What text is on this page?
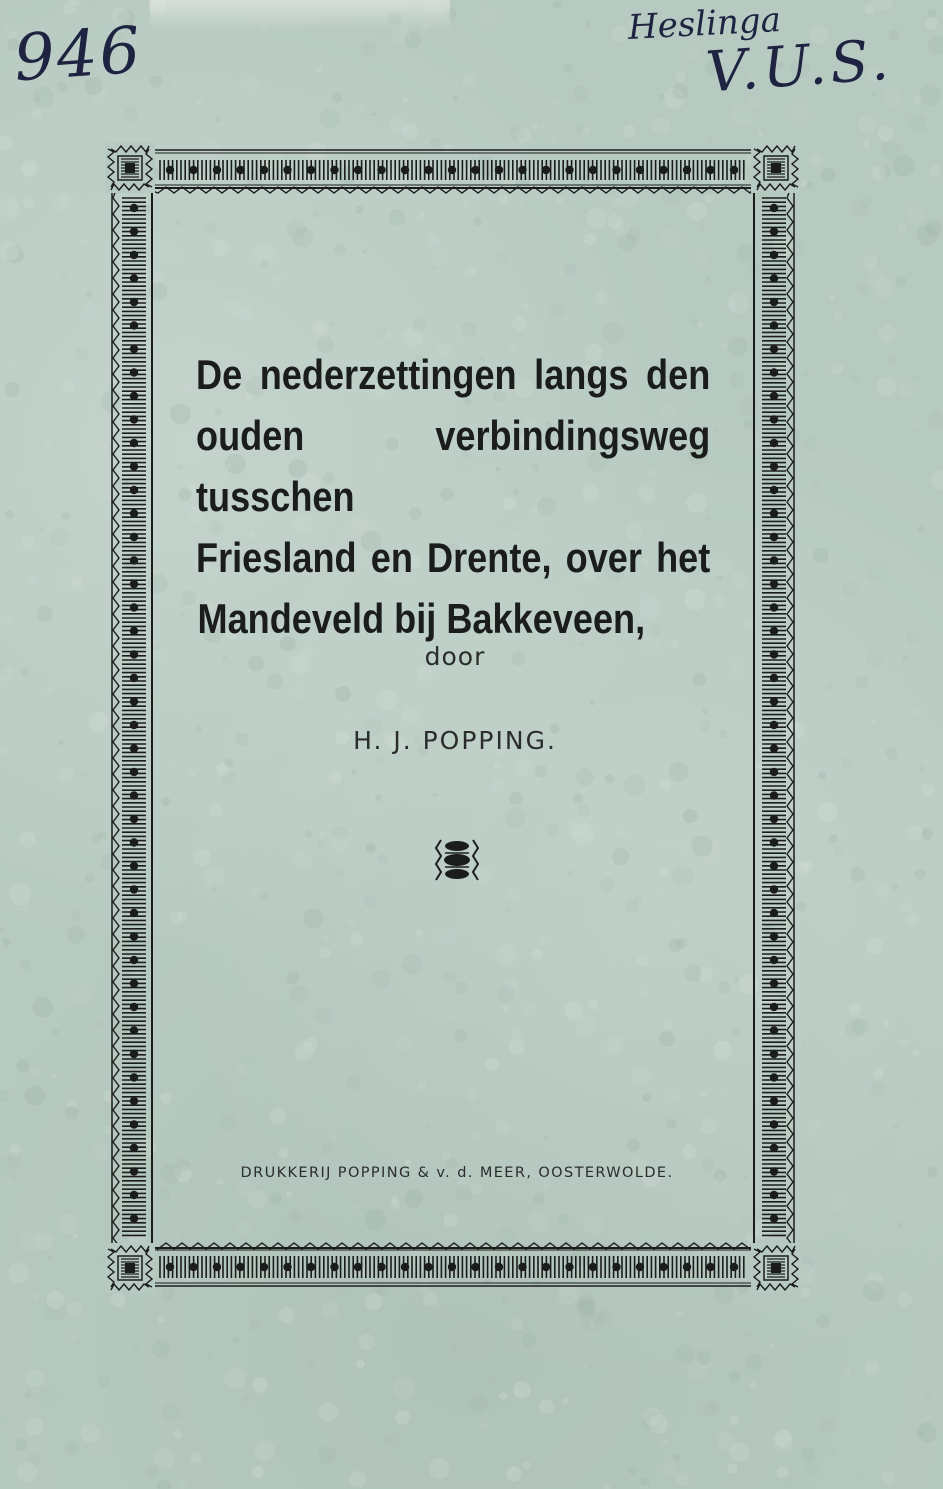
946	Heslinga
V.U.S.
De nederzettingen langs den
ouden verbindingsweg tusschen
Friesland en Drente, over het
Mandeveld bij Bakkeveen,
door
H. J. POPPING.
DRUKKERIJ POPPING & v. d. MEER, OOSTERWOLDE.
